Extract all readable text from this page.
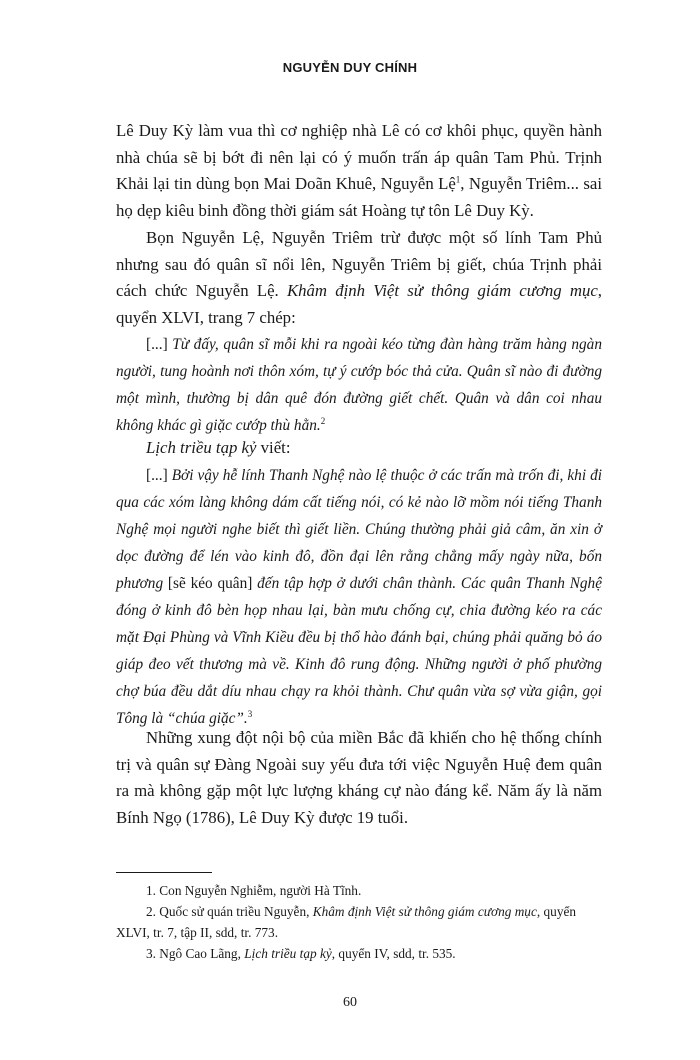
NGUYỄN DUY CHÍNH

Lê Duy Kỳ làm vua thì cơ nghiệp nhà Lê có cơ khôi phục, quyền hành nhà chúa sẽ bị bớt đi nên lại có ý muốn trấn áp quân Tam Phủ. Trịnh Khải lại tin dùng bọn Mai Doãn Khuê, Nguyễn Lệ$^1$, Nguyễn Triêm... sai họ dẹp kiêu binh đồng thời giám sát Hoàng tự tôn Lê Duy Kỳ.

Bọn Nguyễn Lệ, Nguyễn Triêm trừ được một số lính Tam Phủ nhưng sau đó quân sĩ nổi lên, Nguyễn Triêm bị giết, chúa Trịnh phải cách chức Nguyễn Lệ. Khâm định Việt sử thông giám cương mục, quyển XLVI, trang 7 chép:

[...] Từ đấy, quân sĩ mỗi khi ra ngoài kéo từng đàn hàng trăm hàng ngàn người, tung hoành nơi thôn xóm, tự ý cướp bóc thả cửa. Quân sĩ nào đi đường một mình, thường bị dân quê đón đường giết chết. Quân và dân coi nhau không khác gì giặc cướp thù hằn.$^2$

Lịch triều tạp kỷ viết:

[...] Bởi vậy hễ lính Thanh Nghệ nào lệ thuộc ở các trấn mà trốn đi, khi đi qua các xóm làng không dám cất tiếng nói, có kẻ nào lỡ mồm nói tiếng Thanh Nghệ mọi người nghe biết thì giết liền. Chúng thường phải giả câm, ăn xin ở dọc đường để lén vào kinh đô, đồn đại lên rằng chẳng mấy ngày nữa, bốn phương [sẽ kéo quân] đến tập hợp ở dưới chân thành. Các quân Thanh Nghệ đóng ở kinh đô bèn họp nhau lại, bàn mưu chống cự, chia đường kéo ra các mặt Đại Phùng và Vĩnh Kiều đều bị thổ hào đánh bại, chúng phải quăng bỏ áo giáp đeo vết thương mà về. Kinh đô rung động. Những người ở phố phường chợ búa đều dắt díu nhau chạy ra khỏi thành. Chư quân vừa sợ vừa giận, gọi Tông là “chúa giặc”.$^3$

Những xung đột nội bộ của miền Bắc đã khiến cho hệ thống chính trị và quân sự Đàng Ngoài suy yếu đưa tới việc Nguyễn Huệ đem quân ra mà không gặp một lực lượng kháng cự nào đáng kể. Năm ấy là năm Bính Ngọ (1786), Lê Duy Kỳ được 19 tuổi.

1. Con Nguyễn Nghiễm, người Hà Tĩnh.

2. Quốc sử quán triều Nguyễn, Khâm định Việt sử thông giám cương mục, quyển XLVI, tr. 7, tập II, sdd, tr. 773.

3. Ngô Cao Lãng, Lịch triều tạp kỷ, quyển IV, sdd, tr. 535.

60
